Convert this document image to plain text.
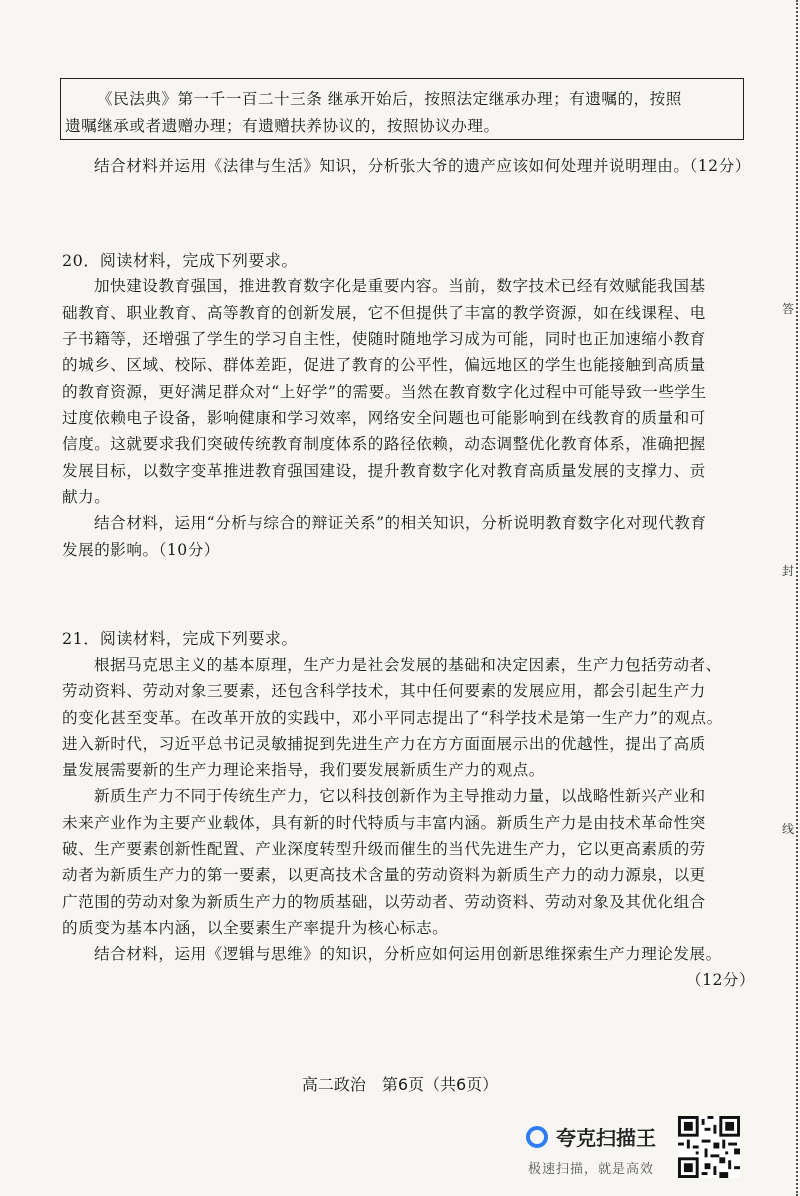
《民法典》第一千一百二十三条 继承开始后，按照法定继承办理；有遗嘱的，按照
遗嘱继承或者遗赠办理；有遗赠扶养协议的，按照协议办理。
结合材料并运用《法律与生活》知识，分析张大爷的遗产应该如何处理并说明理由。（12分）
20．阅读材料，完成下列要求。
加快建设教育强国，推进教育数字化是重要内容。当前，数字技术已经有效赋能我国基
础教育、职业教育、高等教育的创新发展，它不但提供了丰富的教学资源，如在线课程、电
子书籍等，还增强了学生的学习自主性，使随时随地学习成为可能，同时也正加速缩小教育
的城乡、区域、校际、群体差距，促进了教育的公平性，偏远地区的学生也能接触到高质量
的教育资源，更好满足群众对“上好学”的需要。当然在教育数字化过程中可能导致一些学生
过度依赖电子设备，影响健康和学习效率，网络安全问题也可能影响到在线教育的质量和可
信度。这就要求我们突破传统教育制度体系的路径依赖，动态调整优化教育体系，准确把握
发展目标，以数字变革推进教育强国建设，提升教育数字化对教育高质量发展的支撑力、贡
献力。
结合材料，运用“分析与综合的辩证关系”的相关知识，分析说明教育数字化对现代教育
发展的影响。（10分）
21．阅读材料，完成下列要求。
根据马克思主义的基本原理，生产力是社会发展的基础和决定因素，生产力包括劳动者、
劳动资料、劳动对象三要素，还包含科学技术，其中任何要素的发展应用，都会引起生产力
的变化甚至变革。在改革开放的实践中，邓小平同志提出了“科学技术是第一生产力”的观点。
进入新时代，习近平总书记灵敏捕捉到先进生产力在方方面面展示出的优越性，提出了高质
量发展需要新的生产力理论来指导，我们要发展新质生产力的观点。
新质生产力不同于传统生产力，它以科技创新作为主导推动力量，以战略性新兴产业和
未来产业作为主要产业载体，具有新的时代特质与丰富内涵。新质生产力是由技术革命性突
破、生产要素创新性配置、产业深度转型升级而催生的当代先进生产力，它以更高素质的劳
动者为新质生产力的第一要素，以更高技术含量的劳动资料为新质生产力的动力源泉，以更
广范围的劳动对象为新质生产力的物质基础，以劳动者、劳动资料、劳动对象及其优化组合
的质变为基本内涵，以全要素生产率提升为核心标志。
结合材料，运用《逻辑与思维》的知识，分析应如何运用创新思维探索生产力理论发展。
（12分）
高二政治　第6页（共6页）
答
封
线
夸克扫描王
极速扫描，就是高效
